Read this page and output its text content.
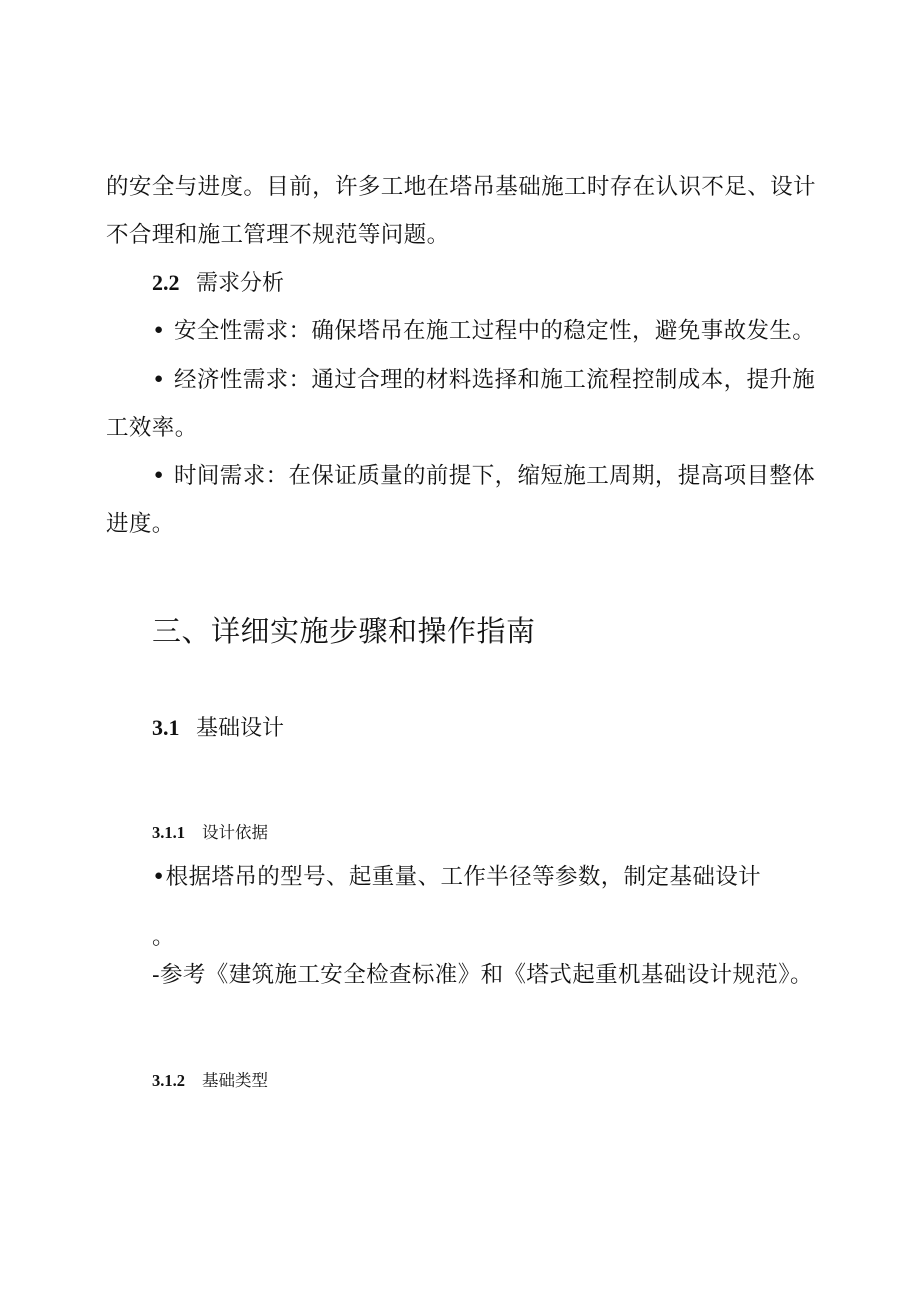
的安全与进度。目前，许多工地在塔吊基础施工时存在认识不足、设计
不合理和施工管理不规范等问题。
2.2 需求分析
• 安全性需求：确保塔吊在施工过程中的稳定性，避免事故发生。
• 经济性需求：通过合理的材料选择和施工流程控制成本，提升施
工效率。
• 时间需求：在保证质量的前提下，缩短施工周期，提高项目整体
进度。
三、详细实施步骤和操作指南
3.1 基础设计
3.1.1 设计依据
•根据塔吊的型号、起重量、工作半径等参数，制定基础设计
。
-参考《建筑施工安全检查标准》和《塔式起重机基础设计规范》。
3.1.2 基础类型
